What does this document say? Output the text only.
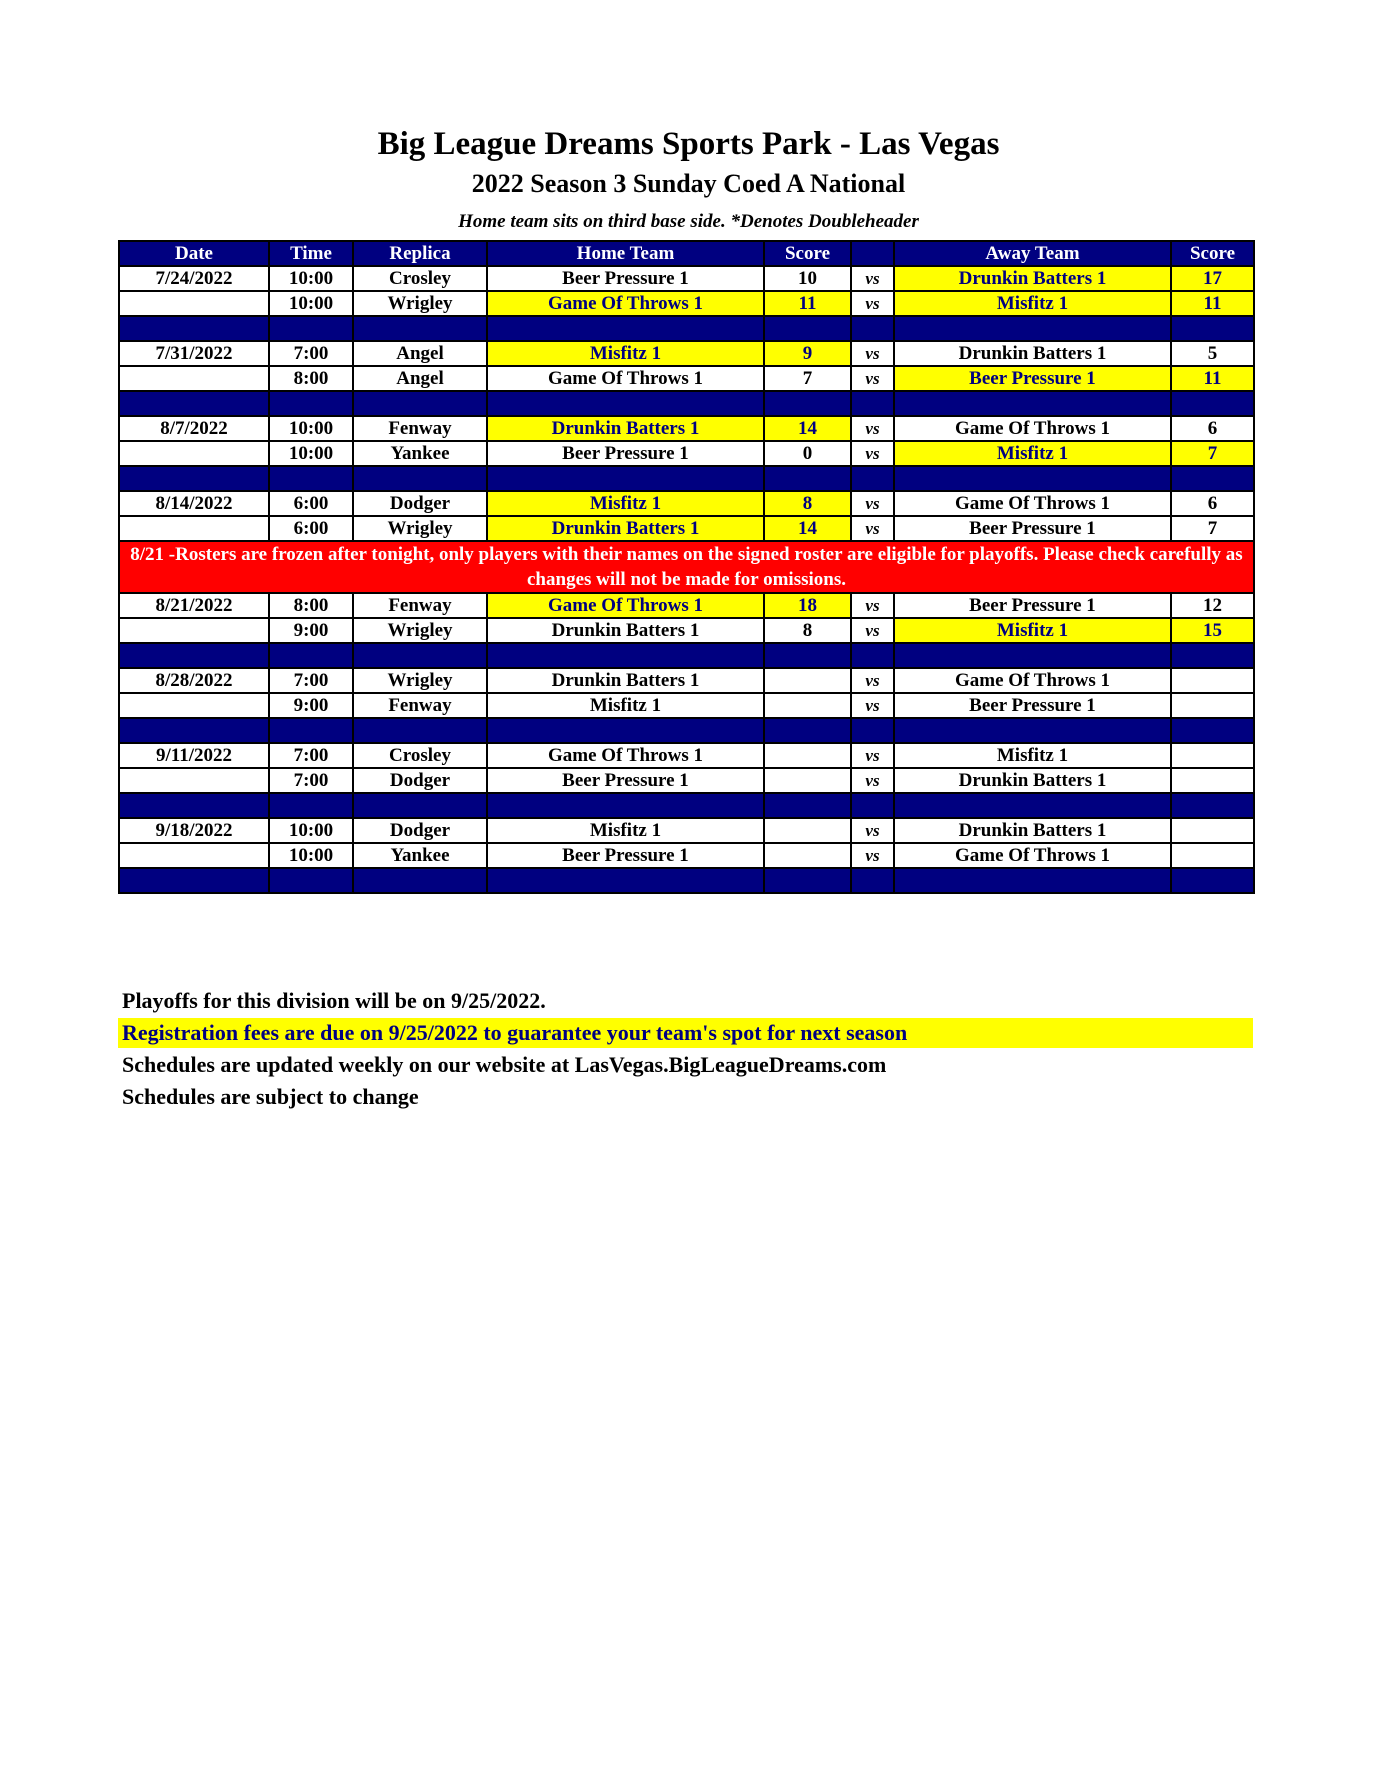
Big League Dreams Sports Park - Las Vegas
2022 Season 3 Sunday Coed A National
Home team sits on third base side. *Denotes Doubleheader
Date	Time	Replica	Home Team	Score		Away Team	Score
7/24/2022	10:00	Crosley	Beer Pressure 1	10	vs	Drunkin Batters 1	17
	10:00	Wrigley	Game Of Throws 1	11	vs	Misfitz 1	11

7/31/2022	7:00	Angel	Misfitz 1	9	vs	Drunkin Batters 1	5
	8:00	Angel	Game Of Throws 1	7	vs	Beer Pressure 1	11

8/7/2022	10:00	Fenway	Drunkin Batters 1	14	vs	Game Of Throws 1	6
	10:00	Yankee	Beer Pressure 1	0	vs	Misfitz 1	7

8/14/2022	6:00	Dodger	Misfitz 1	8	vs	Game Of Throws 1	6
	6:00	Wrigley	Drunkin Batters 1	14	vs	Beer Pressure 1	7
8/21 -Rosters are frozen after tonight, only players with their names on the signed roster are eligible for playoffs. Please check carefully as changes will not be made for omissions.							
8/21/2022	8:00	Fenway	Game Of Throws 1	18	vs	Beer Pressure 1	12
	9:00	Wrigley	Drunkin Batters 1	8	vs	Misfitz 1	15

8/28/2022	7:00	Wrigley	Drunkin Batters 1		vs	Game Of Throws 1	
	9:00	Fenway	Misfitz 1		vs	Beer Pressure 1	

9/11/2022	7:00	Crosley	Game Of Throws 1		vs	Misfitz 1	
	7:00	Dodger	Beer Pressure 1		vs	Drunkin Batters 1	

9/18/2022	10:00	Dodger	Misfitz 1		vs	Drunkin Batters 1	
	10:00	Yankee	Beer Pressure 1		vs	Game Of Throws 1	

Playoffs for this division will be on 9/25/2022.
Registration fees are due on 9/25/2022 to guarantee your team's spot for next season
Schedules are updated weekly on our website at LasVegas.BigLeagueDreams.com
Schedules are subject to change
